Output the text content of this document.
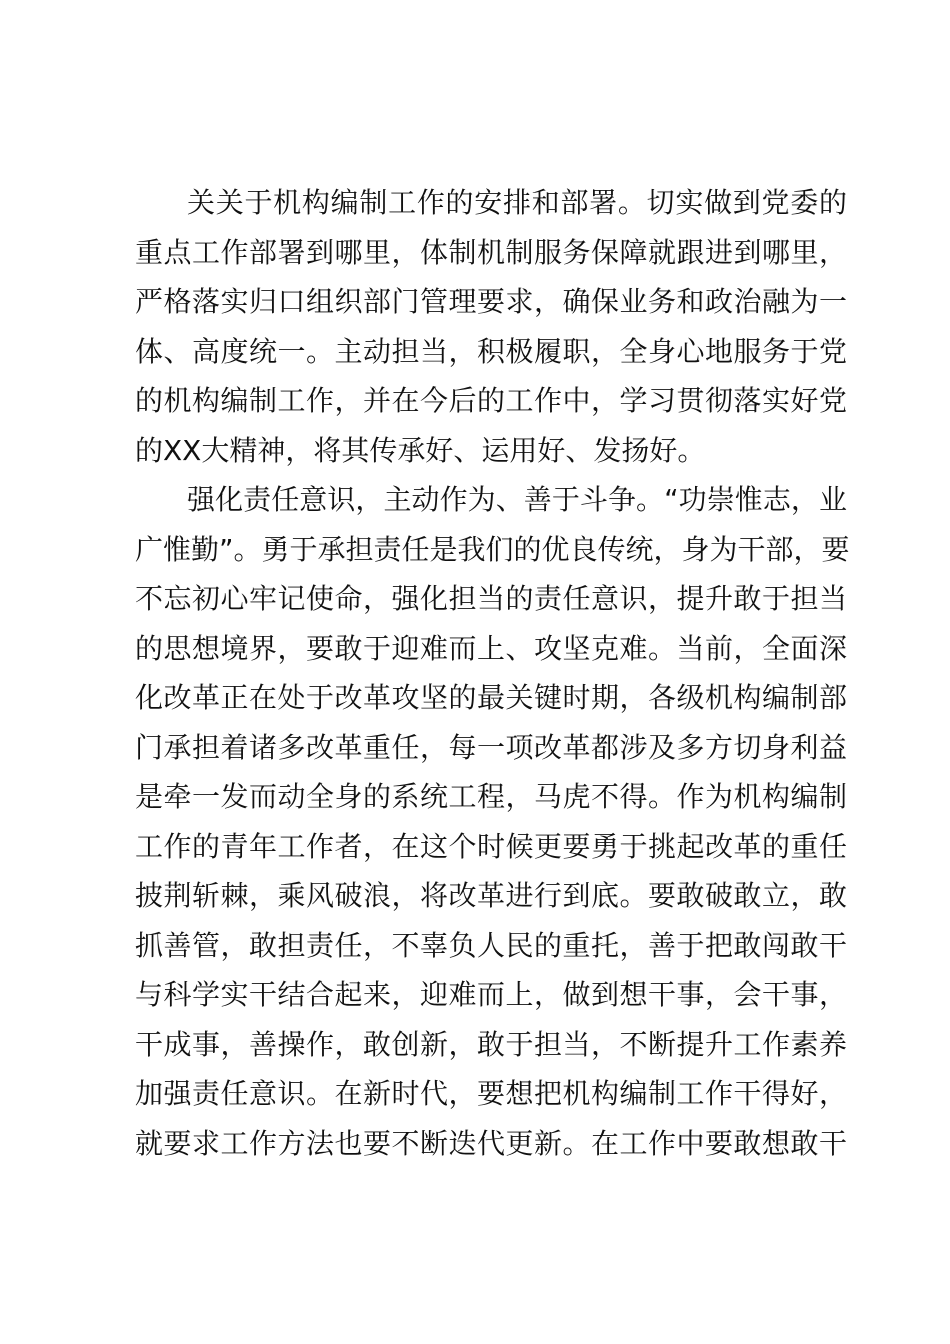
关关于机构编制工作的安排和部署。切实做到党委的
重点工作部署到哪里，体制机制服务保障就跟进到哪里，
严格落实归口组织部门管理要求，确保业务和政治融为一
体、高度统一。主动担当，积极履职，全身心地服务于党
的机构编制工作，并在今后的工作中，学习贯彻落实好党
的XX大精神，将其传承好、运用好、发扬好。
强化责任意识，主动作为、善于斗争。“功崇惟志，业
广惟勤”。勇于承担责任是我们的优良传统，身为干部，要
不忘初心牢记使命，强化担当的责任意识，提升敢于担当
的思想境界，要敢于迎难而上、攻坚克难。当前，全面深
化改革正在处于改革攻坚的最关键时期，各级机构编制部
门承担着诸多改革重任，每一项改革都涉及多方切身利益
是牵一发而动全身的系统工程，马虎不得。作为机构编制
工作的青年工作者，在这个时候更要勇于挑起改革的重任
披荆斩棘，乘风破浪，将改革进行到底。要敢破敢立，敢
抓善管，敢担责任，不辜负人民的重托，善于把敢闯敢干
与科学实干结合起来，迎难而上，做到想干事，会干事，
干成事，善操作，敢创新，敢于担当，不断提升工作素养
加强责任意识。在新时代，要想把机构编制工作干得好，
就要求工作方法也要不断迭代更新。在工作中要敢想敢干
